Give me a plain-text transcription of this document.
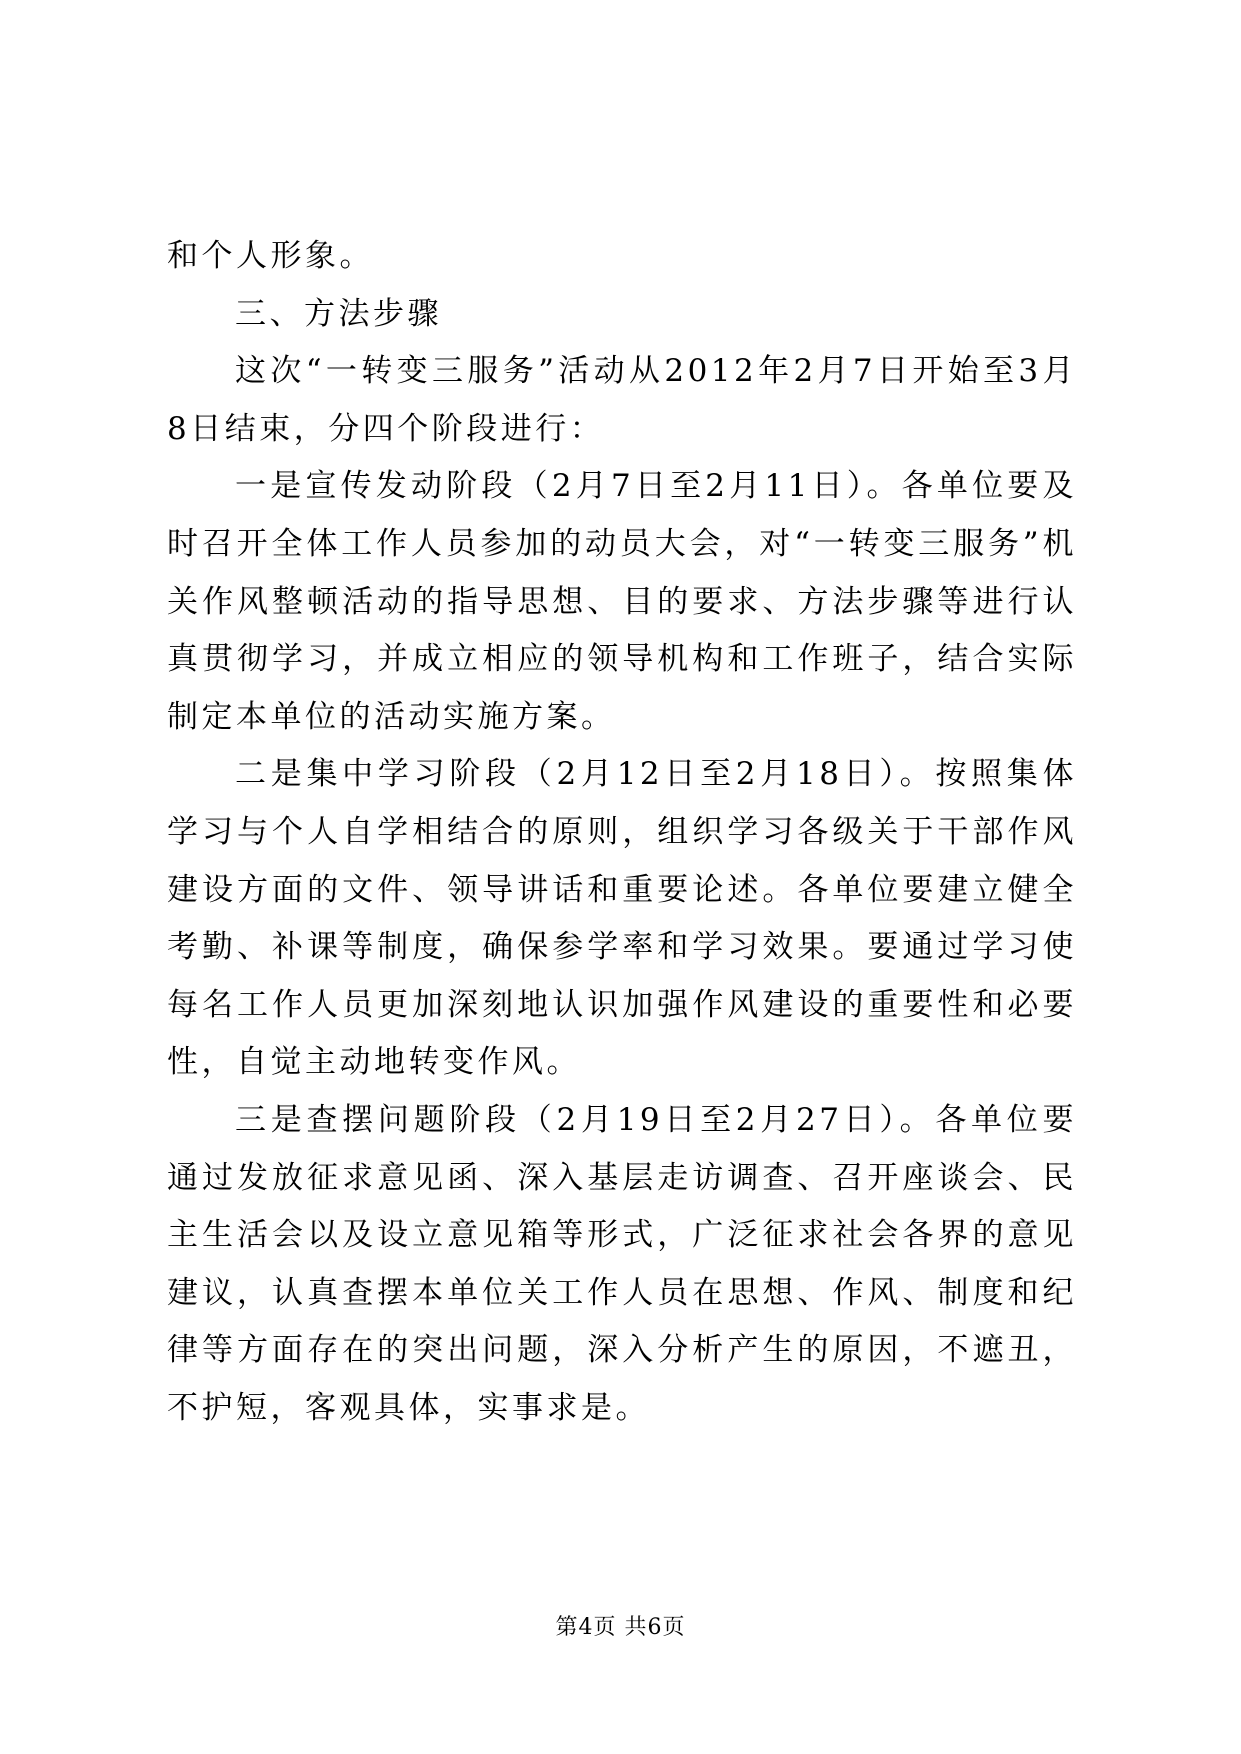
和个人形象。

三、方法步骤

这次“一转变三服务”活动从2012年2月7日开始至3月8日结束，分四个阶段进行：

一是宣传发动阶段（2月7日至2月11日）。各单位要及时召开全体工作人员参加的动员大会，对“一转变三服务”机关作风整顿活动的指导思想、目的要求、方法步骤等进行认真贯彻学习，并成立相应的领导机构和工作班子，结合实际制定本单位的活动实施方案。

二是集中学习阶段（2月12日至2月18日）。按照集体学习与个人自学相结合的原则，组织学习各级关于干部作风建设方面的文件、领导讲话和重要论述。各单位要建立健全考勤、补课等制度，确保参学率和学习效果。要通过学习使每名工作人员更加深刻地认识加强作风建设的重要性和必要性，自觉主动地转变作风。

三是查摆问题阶段（2月19日至2月27日）。各单位要通过发放征求意见函、深入基层走访调查、召开座谈会、民主生活会以及设立意见箱等形式，广泛征求社会各界的意见建议，认真查摆本单位关工作人员在思想、作风、制度和纪律等方面存在的突出问题，深入分析产生的原因，不遮丑，不护短，客观具体，实事求是。

第4页 共6页
